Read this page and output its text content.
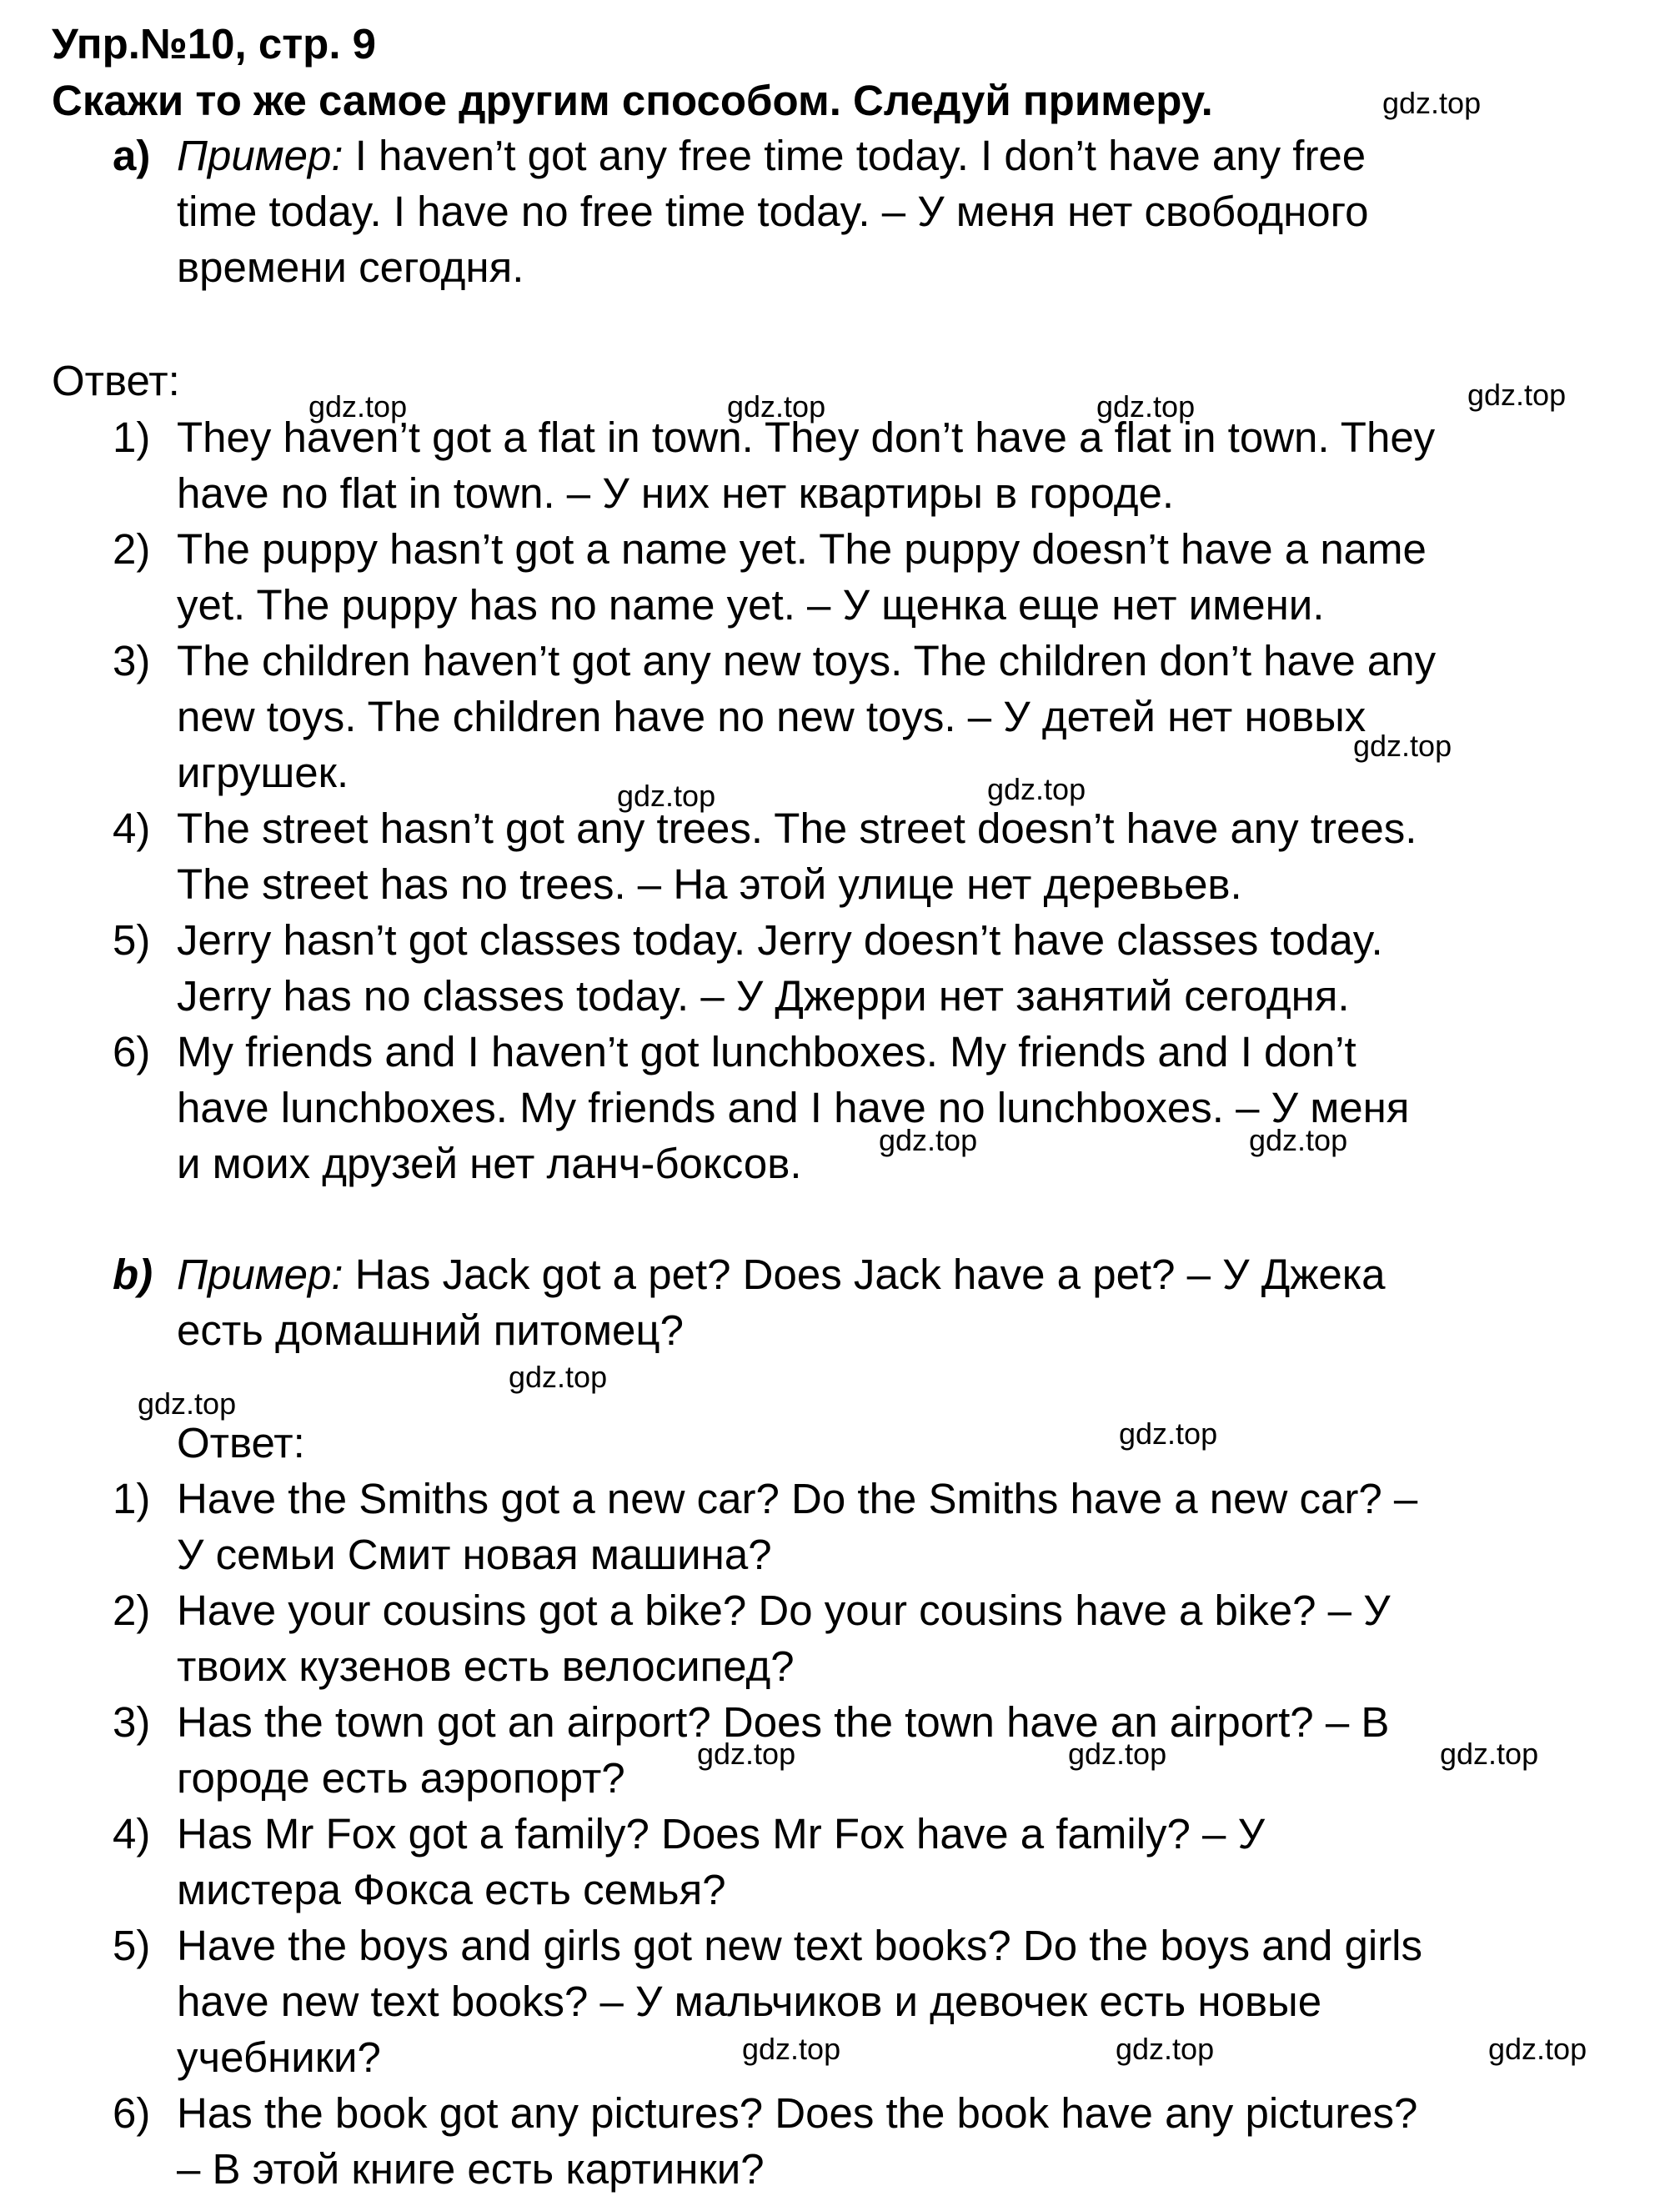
Упр.№10, стр. 9
Скажи то же самое другим способом. Следуй примеру.
a) Пример: I haven’t got any free time today. I don’t have any free
time today. I have no free time today. – У меня нет свободного
времени сегодня.
Ответ:
1) They haven’t got a flat in town. They don’t have a flat in town. They
have no flat in town. – У них нет квартиры в городе.
2) The puppy hasn’t got a name yet. The puppy doesn’t have a name
yet. The puppy has no name yet. – У щенка еще нет имени.
3) The children haven’t got any new toys. The children don’t have any
new toys. The children have no new toys. – У детей нет новых
игрушек.
4) The street hasn’t got any trees. The street doesn’t have any trees.
The street has no trees. – На этой улице нет деревьев.
5) Jerry hasn’t got classes today. Jerry doesn’t have classes today.
Jerry has no classes today. – У Джерри нет занятий сегодня.
6) My friends and I haven’t got lunchboxes. My friends and I don’t
have lunchboxes. My friends and I have no lunchboxes. – У меня
и моих друзей нет ланч-боксов.
b) Пример: Has Jack got a pet? Does Jack have a pet? – У Джека
есть домашний питомец?
Ответ:
1) Have the Smiths got a new car? Do the Smiths have a new car? –
У семьи Смит новая машина?
2) Have your cousins got a bike? Do your cousins have a bike? – У
твоих кузенов есть велосипед?
3) Has the town got an airport? Does the town have an airport? – В
городе есть аэропорт?
4) Has Mr Fox got a family? Does Mr Fox have a family? – У
мистера Фокса есть семья?
5) Have the boys and girls got new text books? Do the boys and girls
have new text books? – У мальчиков и девочек есть новые
учебники?
6) Has the book got any pictures? Does the book have any pictures?
– В этой книге есть картинки?
gdz.top
gdz.top	gdz.top	gdz.top	gdz.top
gdz.top
gdz.top	gdz.top
gdz.top	gdz.top
gdz.top
gdz.top
gdz.top
gdz.top	gdz.top	gdz.top
gdz.top	gdz.top	gdz.top
